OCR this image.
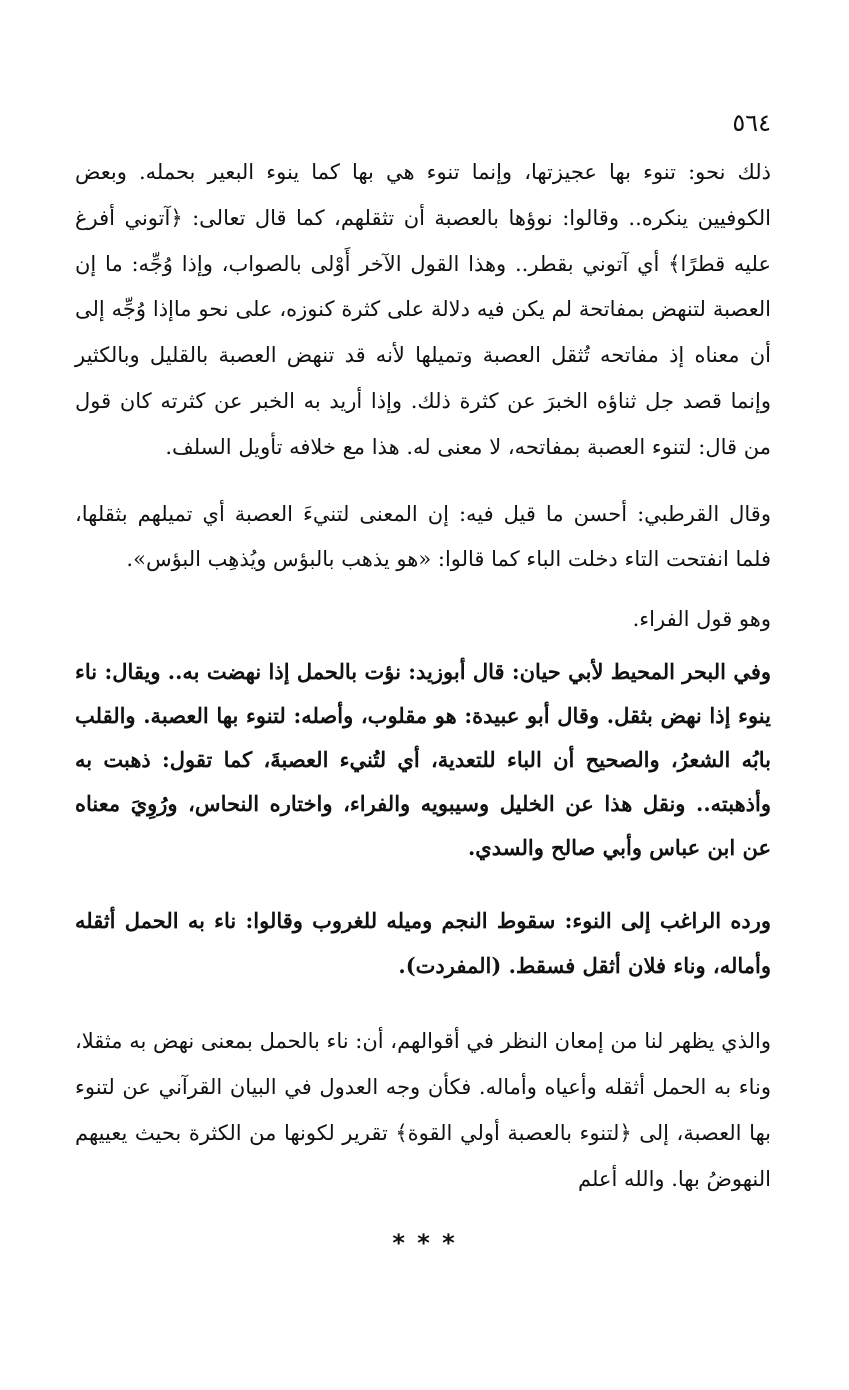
٥٦٤

ذلك نحو: تنوء بها عجيزتها، وإنما تنوء هي بها كما ينوء البعير بحمله. وبعض الكوفيين ينكره.. وقالوا: نوؤها بالعصبة أن تثقلهم، كما قال تعالى: ﴿آتوني أفرغ عليه قطرًا﴾ أي آتوني بقطر.. وهذا القول الآخر أَوْلى بالصواب، وإذا وُجِّه: ما إن العصبة لتنهض بمفاتحة لم يكن فيه دلالة على كثرة كنوزه، على نحو ماإذا وُجِّه إلى أن معناه إذ مفاتحه تُثقل العصبة وتميلها لأنه قد تنهض العصبة بالقليل وبالكثير وإنما قصد جل ثناؤه الخبرَ عن كثرة ذلك. وإذا أريد به الخبر عن كثرته كان قول من قال: لتنوء العصبة بمفاتحه، لا معنى له. هذا مع خلافه تأويل السلف.

وقال القرطبي: أحسن ما قيل فيه: إن المعنى لتنيءَ العصبة أي تميلهم بثقلها، فلما انفتحت التاء دخلت الباء كما قالوا: «هو يذهب بالبؤس ويُذهِب البؤس».

وهو قول الفراء.

وفي البحر المحيط لأبي حيان: قال أبوزيد: نؤت بالحمل إذا نهضت به.. ويقال: ناء ينوء إذا نهض بثقل. وقال أبو عبيدة: هو مقلوب، وأصله: لتنوء بها العصبة. والقلب بابُه الشعرُ، والصحيح أن الباء للتعدية، أي لتُنيء العصبةَ، كما تقول: ذهبت به وأذهبته.. ونقل هذا عن الخليل وسيبويه والفراء، واختاره النحاس، ورُوِيَ معناه عن ابن عباس وأبي صالح والسدي.

ورده الراغب إلى النوء: سقوط النجم وميله للغروب وقالوا: ناء به الحمل أثقله وأماله، وناء فلان أثقل فسقط. (المفردت).

والذي يظهر لنا من إمعان النظر في أقوالهم، أن: ناء بالحمل بمعنى نهض به مثقلا، وناء به الحمل أثقله وأعياه وأماله. فكأن وجه العدول في البيان القرآني عن لتنوء بها العصبة، إلى ﴿لتنوء بالعصبة أولي القوة﴾ تقرير لكونها من الكثرة بحيث يعييهم النهوضُ بها. والله أعلم

* * *
